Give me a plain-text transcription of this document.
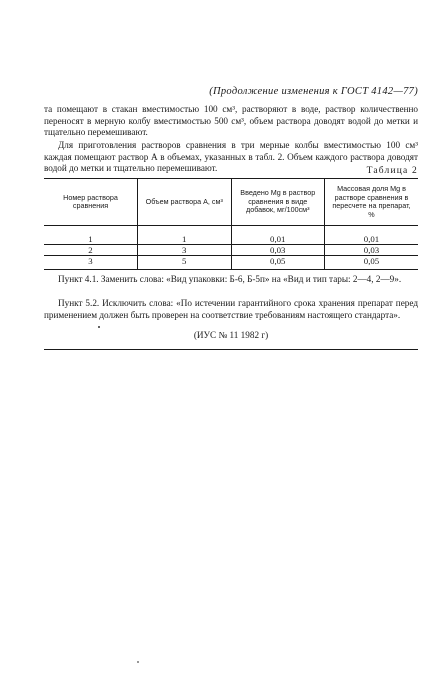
(Продолжение изменения к ГОСТ 4142—77)

та помещают в стакан вместимостью 100 см³, растворяют в воде, раствор количественно переносят в мерную колбу вместимостью 500 см³, объем раствора доводят водой до метки и тщательно перемешивают.

Для приготовления растворов сравнения в три мерные колбы вместимостью 100 см³ каждая помещают раствор А в объемах, указанных в табл. 2. Объем каждого раствора доводят водой до метки и тщательно перемешивают.	Таблица 2
Номер раствора сравнения	Объем раствора А, см³	Введено Mg в раствор сравнения в виде добавок, мг/100см³	Массовая доля Mg в растворе сравнения в пересчете на препарат, %
1	1	0,01	0,01
2	3	0,03	0,03
3	5	0,05	0,05

Пункт 4.1. Заменить слова: «Вид упаковки: Б-6, Б-5п» на «Вид и тип тары: 2—4, 2—9».

Пункт 5.2. Исключить слова: «По истечении гарантийного срока хранения препарат перед применением должен быть проверен на соответствие требованиям настоящего стандарта».

(ИУС № 11 1982 г)
